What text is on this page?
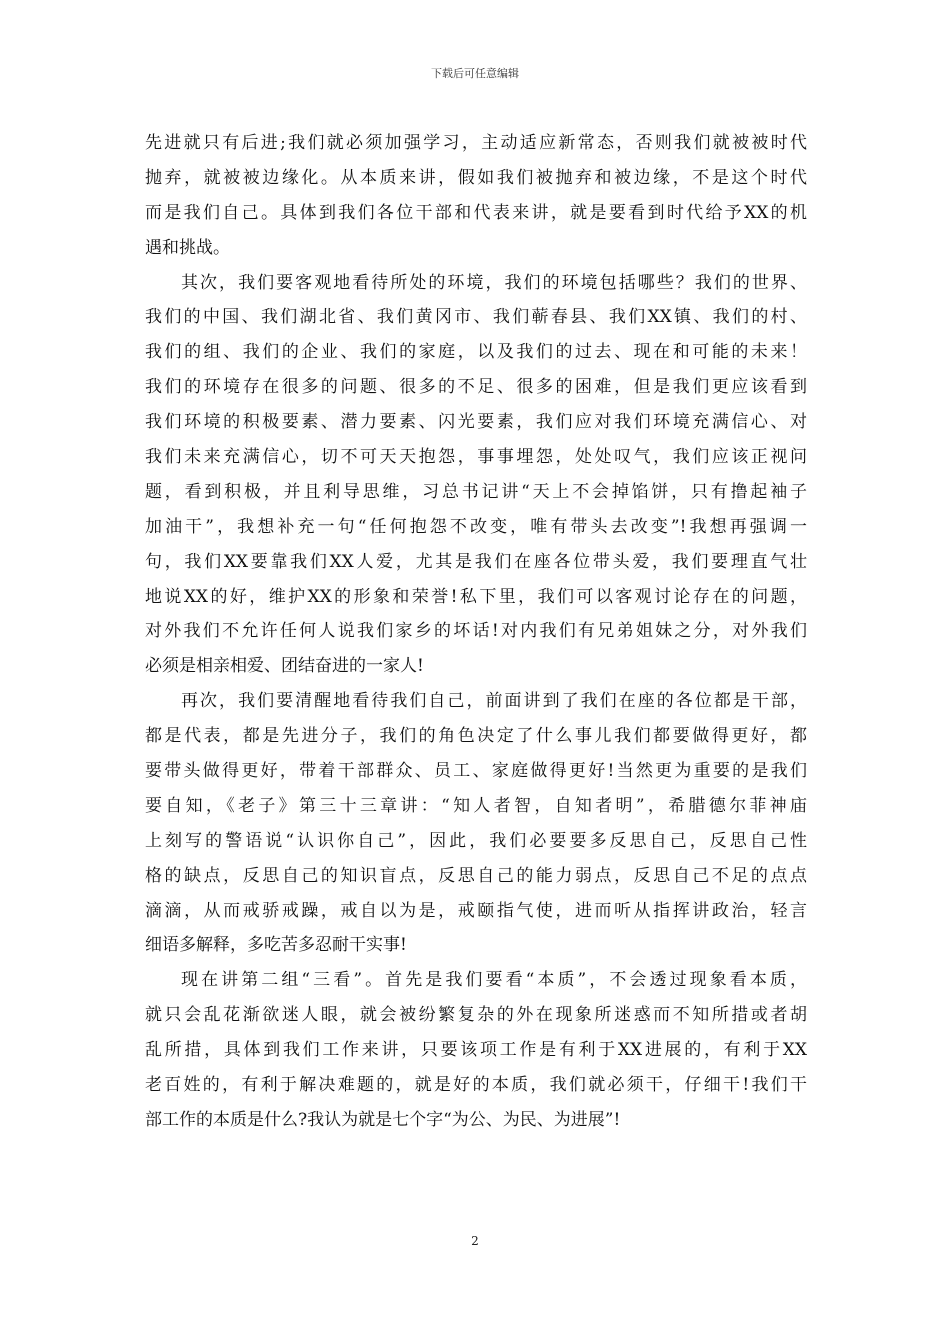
下载后可任意编辑
先进就只有后进;我们就必须加强学习，主动适应新常态，否则我们就被被时代
抛弃，就被被边缘化。从本质来讲，假如我们被抛弃和被边缘，不是这个时代
而是我们自己。具体到我们各位干部和代表来讲，就是要看到时代给予XX的机
遇和挑战。
其次，我们要客观地看待所处的环境，我们的环境包括哪些？我们的世界、
我们的中国、我们湖北省、我们黄冈市、我们蕲春县、我们XX镇、我们的村、
我们的组、我们的企业、我们的家庭，以及我们的过去、现在和可能的未来！
我们的环境存在很多的问题、很多的不足、很多的困难，但是我们更应该看到
我们环境的积极要素、潜力要素、闪光要素，我们应对我们环境充满信心、对
我们未来充满信心，切不可天天抱怨，事事埋怨，处处叹气，我们应该正视问
题，看到积极，并且利导思维，习总书记讲“天上不会掉馅饼，只有撸起袖子
加油干”，我想补充一句“任何抱怨不改变，唯有带头去改变”!我想再强调一
句，我们XX要靠我们XX人爱，尤其是我们在座各位带头爱，我们要理直气壮
地说XX的好，维护XX的形象和荣誉!私下里，我们可以客观讨论存在的问题，
对外我们不允许任何人说我们家乡的坏话!对内我们有兄弟姐妹之分，对外我们
必须是相亲相爱、团结奋进的一家人!
再次，我们要清醒地看待我们自己，前面讲到了我们在座的各位都是干部，
都是代表，都是先进分子，我们的角色决定了什么事儿我们都要做得更好，都
要带头做得更好，带着干部群众、员工、家庭做得更好!当然更为重要的是我们
要自知，《老子》第三十三章讲：“知人者智，自知者明”，希腊德尔菲神庙
上刻写的警语说“认识你自己”，因此，我们必要要多反思自己，反思自己性
格的缺点，反思自己的知识盲点，反思自己的能力弱点，反思自己不足的点点
滴滴，从而戒骄戒躁，戒自以为是，戒颐指气使，进而听从指挥讲政治，轻言
细语多解释，多吃苦多忍耐干实事!
现在讲第二组“三看”。首先是我们要看“本质”，不会透过现象看本质，
就只会乱花渐欲迷人眼，就会被纷繁复杂的外在现象所迷惑而不知所措或者胡
乱所措，具体到我们工作来讲，只要该项工作是有利于XX进展的，有利于XX
老百姓的，有利于解决难题的，就是好的本质，我们就必须干，仔细干!我们干
部工作的本质是什么?我认为就是七个字“为公、为民、为进展”!
2
